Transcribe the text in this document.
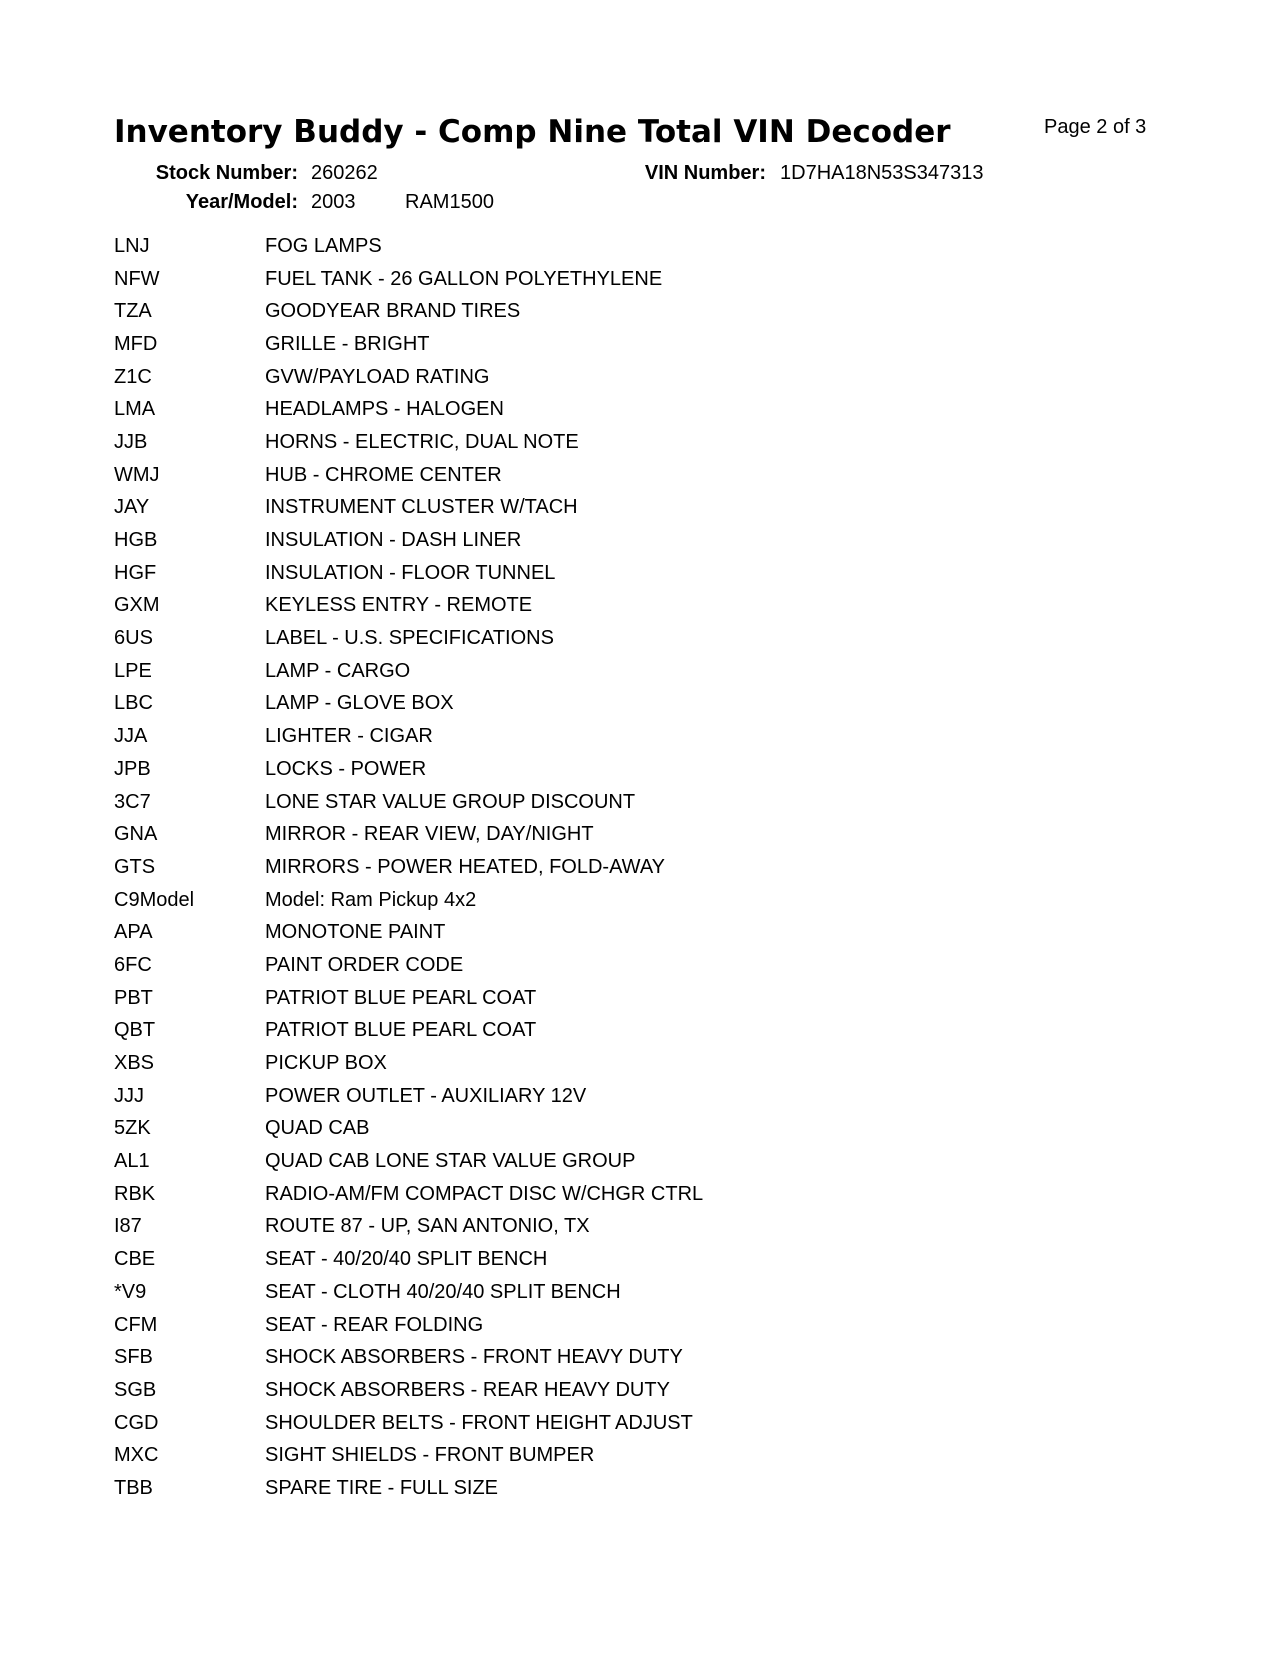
Inventory Buddy - Comp Nine Total VIN Decoder	Page 2 of 3
Stock Number: 260262	VIN Number: 1D7HA18N53S347313
Year/Model: 2003 RAM1500
LNJ	FOG LAMPS
NFW	FUEL TANK - 26 GALLON POLYETHYLENE
TZA	GOODYEAR BRAND TIRES
MFD	GRILLE - BRIGHT
Z1C	GVW/PAYLOAD RATING
LMA	HEADLAMPS - HALOGEN
JJB	HORNS - ELECTRIC, DUAL NOTE
WMJ	HUB - CHROME CENTER
JAY	INSTRUMENT CLUSTER W/TACH
HGB	INSULATION - DASH LINER
HGF	INSULATION - FLOOR TUNNEL
GXM	KEYLESS ENTRY - REMOTE
6US	LABEL - U.S. SPECIFICATIONS
LPE	LAMP - CARGO
LBC	LAMP - GLOVE BOX
JJA	LIGHTER - CIGAR
JPB	LOCKS - POWER
3C7	LONE STAR VALUE GROUP DISCOUNT
GNA	MIRROR - REAR VIEW, DAY/NIGHT
GTS	MIRRORS - POWER HEATED, FOLD-AWAY
C9Model	Model: Ram Pickup 4x2
APA	MONOTONE PAINT
6FC	PAINT ORDER CODE
PBT	PATRIOT BLUE PEARL COAT
QBT	PATRIOT BLUE PEARL COAT
XBS	PICKUP BOX
JJJ	POWER OUTLET - AUXILIARY 12V
5ZK	QUAD CAB
AL1	QUAD CAB LONE STAR VALUE GROUP
RBK	RADIO-AM/FM COMPACT DISC W/CHGR CTRL
I87	ROUTE 87 - UP, SAN ANTONIO, TX
CBE	SEAT - 40/20/40 SPLIT BENCH
*V9	SEAT - CLOTH 40/20/40 SPLIT BENCH
CFM	SEAT - REAR FOLDING
SFB	SHOCK ABSORBERS - FRONT HEAVY DUTY
SGB	SHOCK ABSORBERS - REAR HEAVY DUTY
CGD	SHOULDER BELTS - FRONT HEIGHT ADJUST
MXC	SIGHT SHIELDS - FRONT BUMPER
TBB	SPARE TIRE - FULL SIZE
